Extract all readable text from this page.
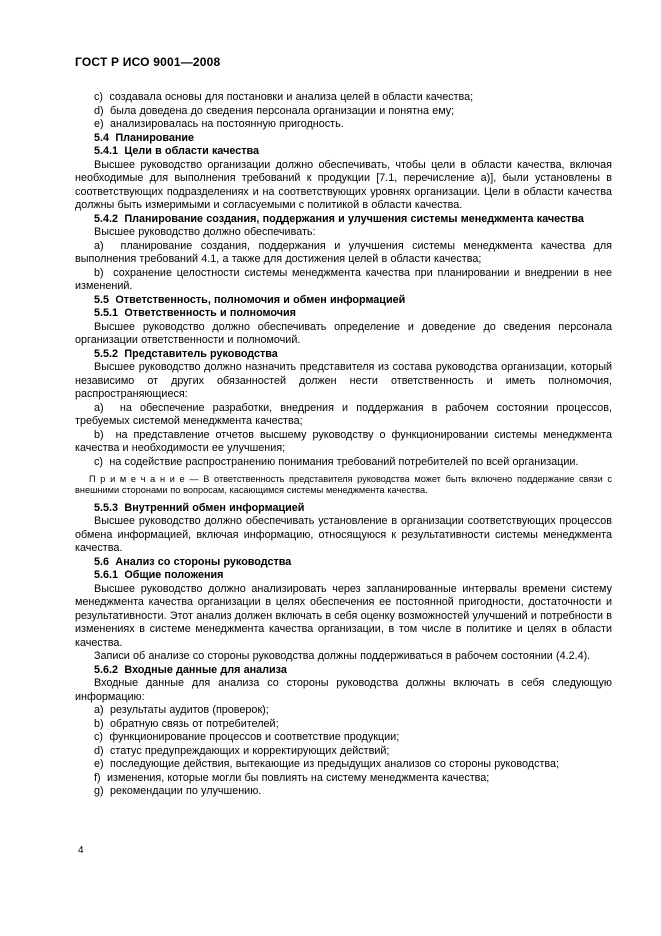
ГОСТ Р ИСО 9001—2008

c)  создавала основы для постановки и анализа целей в области качества;

d)  была доведена до сведения персонала организации и понятна ему;

e)  анализировалась на постоянную пригодность.

5.4  Планирование

5.4.1  Цели в области качества

Высшее руководство организации должно обеспечивать, чтобы цели в области качества, включая необходимые для выполнения требований к продукции [7.1, перечисление а)], были установлены в соответствующих подразделениях и на соответствующих уровнях организации. Цели в области качества должны быть измеримыми и согласуемыми с политикой в области качества.

5.4.2  Планирование создания, поддержания и улучшения системы менеджмента качества

Высшее руководство должно обеспечивать:

a)  планирование создания, поддержания и улучшения системы менеджмента качества для выполнения требований 4.1, а также для достижения целей в области качества;

b)  сохранение целостности системы менеджмента качества при планировании и внедрении в нее изменений.

5.5  Ответственность, полномочия и обмен информацией

5.5.1  Ответственность и полномочия

Высшее руководство должно обеспечивать определение и доведение до сведения персонала организации ответственности и полномочий.

5.5.2  Представитель руководства

Высшее руководство должно назначить представителя из состава руководства организации, который независимо от других обязанностей должен нести ответственность и иметь полномочия, распространяющиеся:

a)  на обеспечение разработки, внедрения и поддержания в рабочем состоянии процессов, требуемых системой менеджмента качества;

b)  на представление отчетов высшему руководству о функционировании системы менеджмента качества и необходимости ее улучшения;

c)  на содействие распространению понимания требований потребителей по всей организации.

П р и м е ч а н и е — В ответственность представителя руководства может быть включено поддержание связи с внешними сторонами по вопросам, касающимся системы менеджмента качества.

5.5.3  Внутренний обмен информацией

Высшее руководство должно обеспечивать установление в организации соответствующих процессов обмена информацией, включая информацию, относящуюся к результативности системы менеджмента качества.

5.6  Анализ со стороны руководства

5.6.1  Общие положения

Высшее руководство должно анализировать через запланированные интервалы времени систему менеджмента качества организации в целях обеспечения ее постоянной пригодности, достаточности и результативности. Этот анализ должен включать в себя оценку возможностей улучшений и потребности в изменениях в системе менеджмента качества организации, в том числе в политике и целях в области качества.

Записи об анализе со стороны руководства должны поддерживаться в рабочем состоянии (4.2.4).

5.6.2  Входные данные для анализа

Входные данные для анализа со стороны руководства должны включать в себя следующую информацию:

a)  результаты аудитов (проверок);

b)  обратную связь от потребителей;

c)  функционирование процессов и соответствие продукции;

d)  статус предупреждающих и корректирующих действий;

e)  последующие действия, вытекающие из предыдущих анализов со стороны руководства;

f)  изменения, которые могли бы повлиять на систему менеджмента качества;

g)  рекомендации по улучшению.

4
